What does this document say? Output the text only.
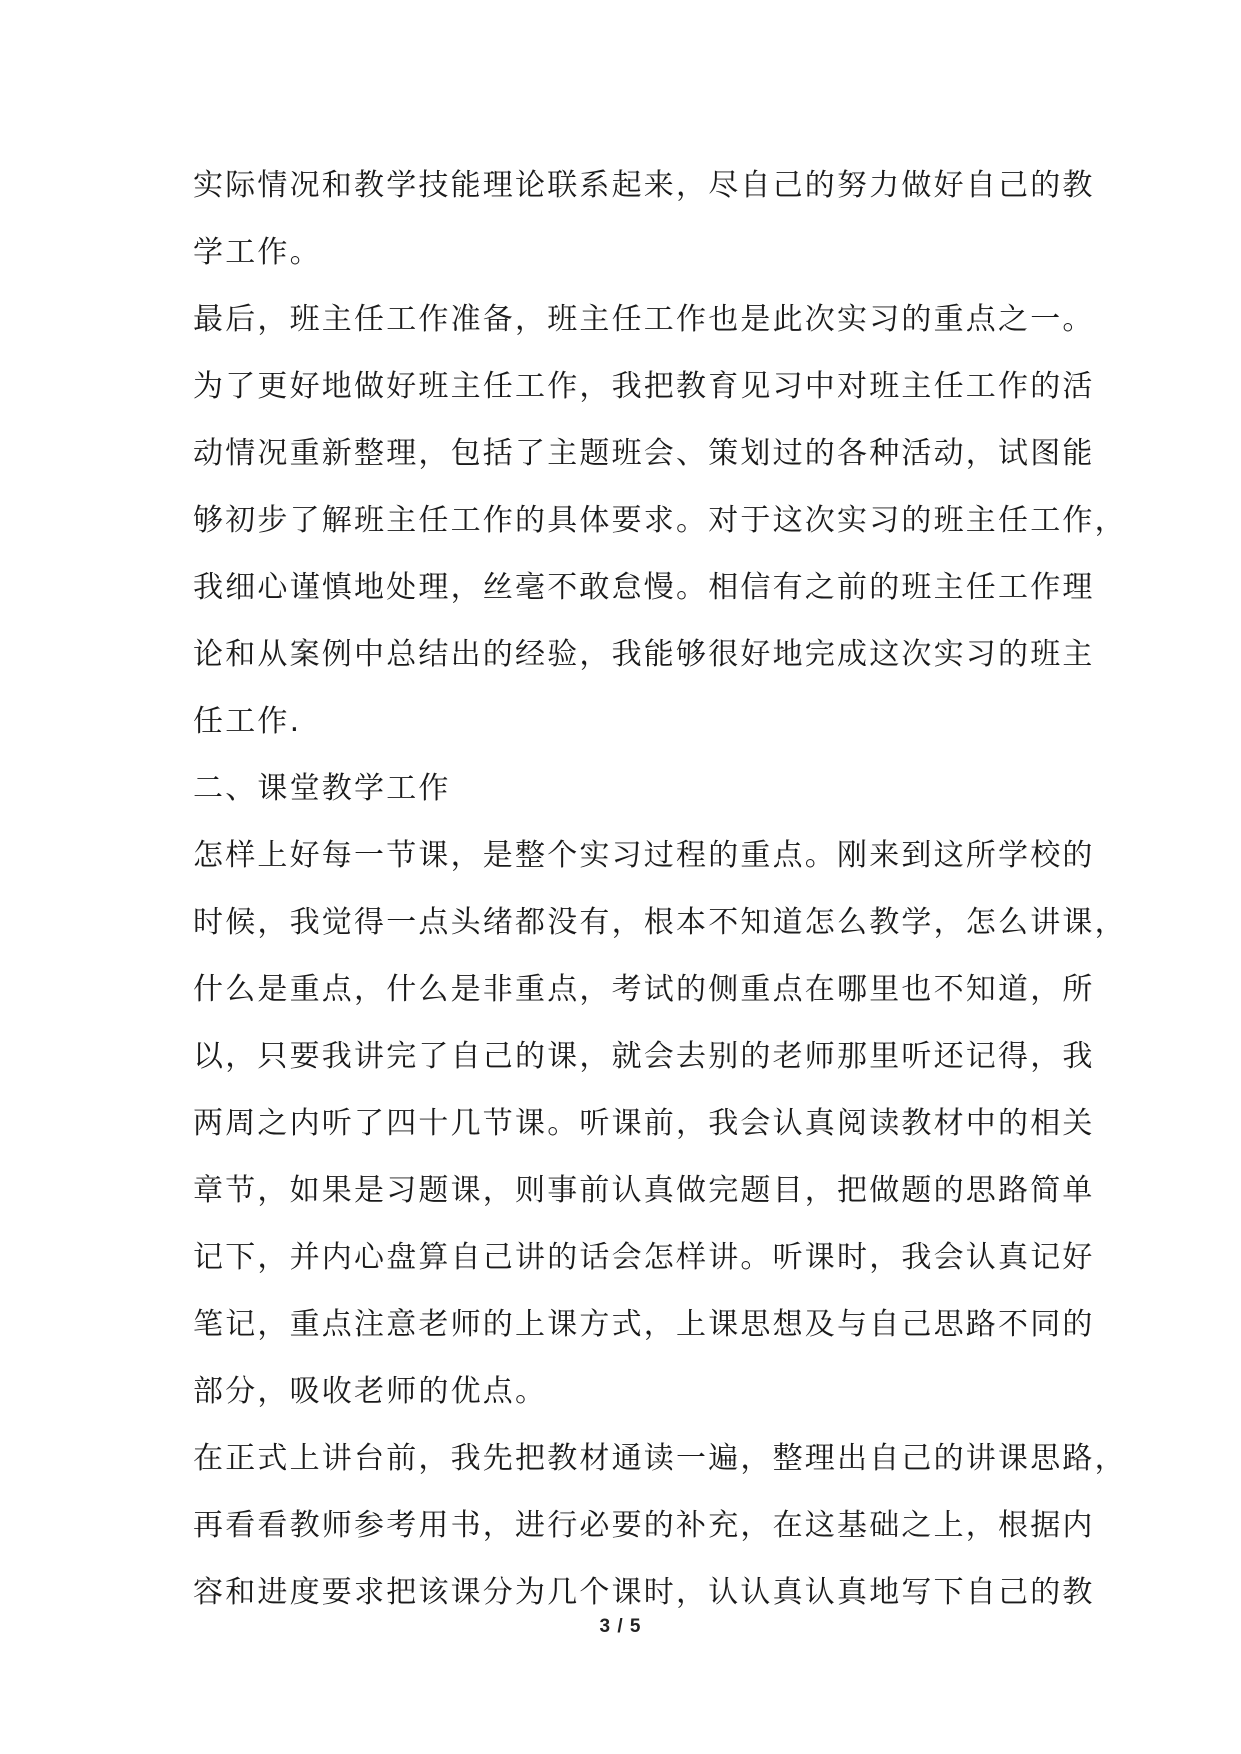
实际情况和教学技能理论联系起来，尽自己的努力做好自己的教
学工作。
最后，班主任工作准备，班主任工作也是此次实习的重点之一。
为了更好地做好班主任工作，我把教育见习中对班主任工作的活
动情况重新整理，包括了主题班会、策划过的各种活动，试图能
够初步了解班主任工作的具体要求。对于这次实习的班主任工作，
我细心谨慎地处理，丝毫不敢怠慢。相信有之前的班主任工作理
论和从案例中总结出的经验，我能够很好地完成这次实习的班主
任工作.
二、课堂教学工作
怎样上好每一节课，是整个实习过程的重点。刚来到这所学校的
时候，我觉得一点头绪都没有，根本不知道怎么教学，怎么讲课，
什么是重点，什么是非重点，考试的侧重点在哪里也不知道，所
以，只要我讲完了自己的课，就会去别的老师那里听还记得，我
两周之内听了四十几节课。听课前，我会认真阅读教材中的相关
章节，如果是习题课，则事前认真做完题目，把做题的思路简单
记下，并内心盘算自己讲的话会怎样讲。听课时，我会认真记好
笔记，重点注意老师的上课方式，上课思想及与自己思路不同的
部分，吸收老师的优点。
在正式上讲台前，我先把教材通读一遍，整理出自己的讲课思路，
再看看教师参考用书，进行必要的补充，在这基础之上，根据内
容和进度要求把该课分为几个课时，认认真认真地写下自己的教
3 / 5
